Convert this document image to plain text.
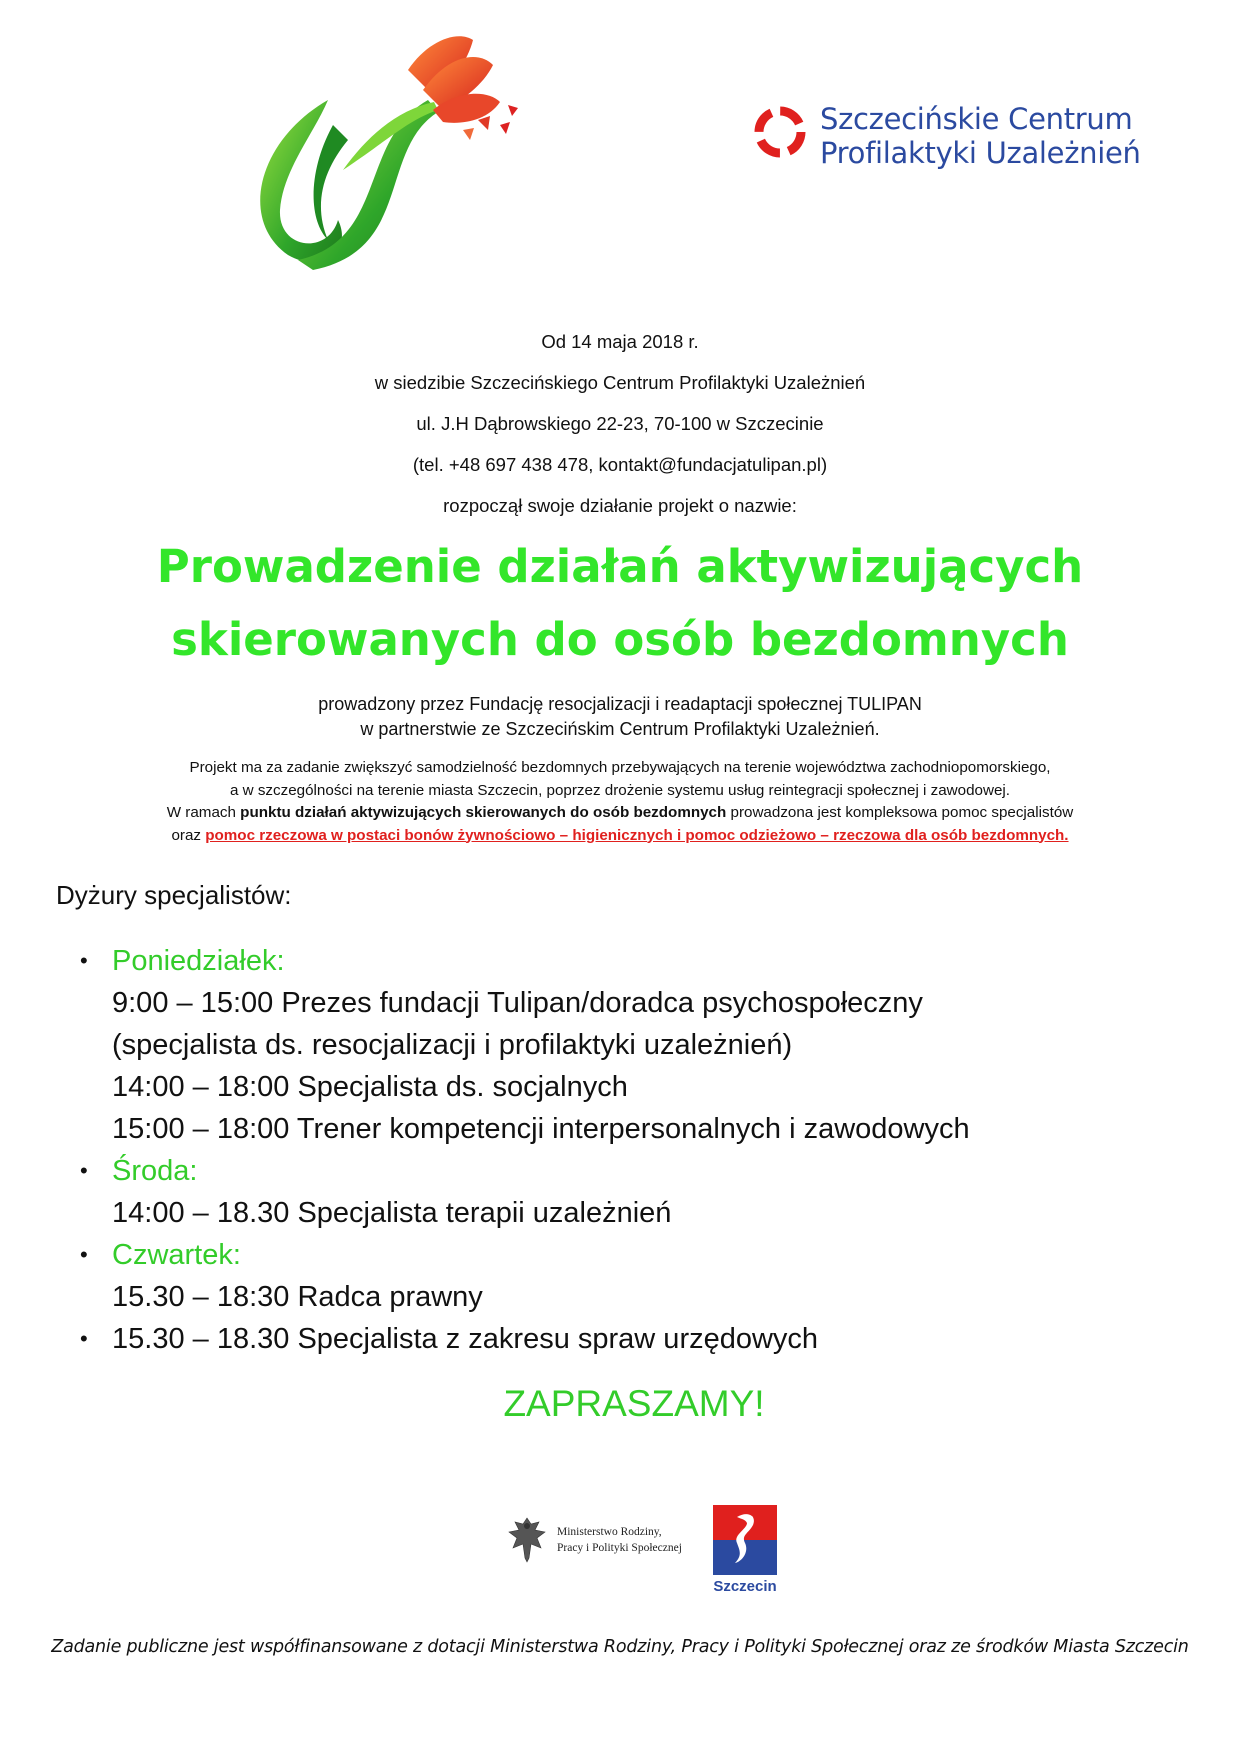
Szczecińskie Centrum
Profilaktyki Uzależnień
Od 14 maja 2018 r.
w siedzibie Szczecińskiego Centrum Profilaktyki Uzależnień
ul. J.H Dąbrowskiego 22-23, 70-100 w Szczecinie
(tel. +48 697 438 478, kontakt@fundacjatulipan.pl)
rozpoczął swoje działanie projekt o nazwie:
Prowadzenie działań aktywizujących
skierowanych do osób bezdomnych
prowadzony przez Fundację resocjalizacji i readaptacji społecznej TULIPAN
w partnerstwie ze Szczecińskim Centrum Profilaktyki Uzależnień.
Projekt ma za zadanie zwiększyć samodzielność bezdomnych przebywających na terenie województwa zachodniopomorskiego,
a w szczególności na terenie miasta Szczecin, poprzez drożenie systemu usług reintegracji społecznej i zawodowej.
W ramach punktu działań aktywizujących skierowanych do osób bezdomnych prowadzona jest kompleksowa pomoc specjalistów
oraz pomoc rzeczowa w postaci bonów żywnościowo – higienicznych i pomoc odzieżowo – rzeczowa dla osób bezdomnych.
Dyżury specjalistów:
• Poniedziałek:
9:00 – 15:00 Prezes fundacji Tulipan/doradca psychospołeczny
(specjalista ds. resocjalizacji i profilaktyki uzależnień)
14:00 – 18:00 Specjalista ds. socjalnych
15:00 – 18:00 Trener kompetencji interpersonalnych i zawodowych
• Środa:
14:00 – 18.30 Specjalista terapii uzależnień
• Czwartek:
15.30 – 18:30 Radca prawny
• 15.30 – 18.30 Specjalista z zakresu spraw urzędowych
ZAPRASZAMY!
Ministerstwo Rodziny,
Pracy i Polityki Społecznej
Szczecin
Zadanie publiczne jest współfinansowane z dotacji Ministerstwa Rodziny, Pracy i Polityki Społecznej oraz ze środków Miasta Szczecin
